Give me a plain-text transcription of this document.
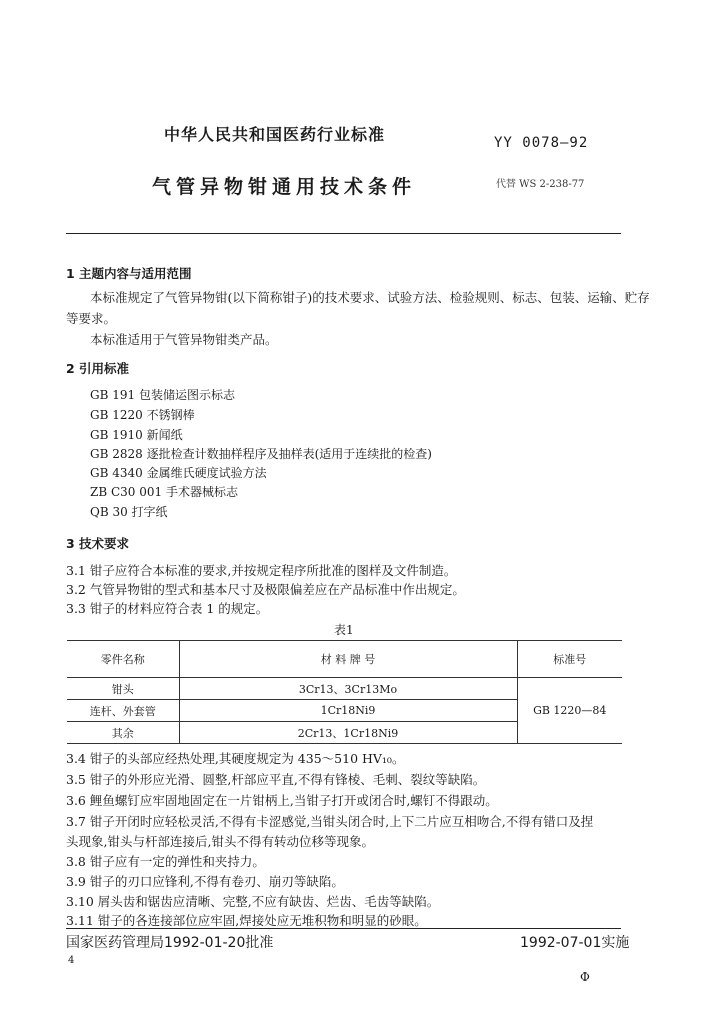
中华人民共和国医药行业标准	YY 0078—92
气管异物钳通用技术条件	代替 WS 2-238-77
1 主题内容与适用范围
本标准规定了气管异物钳(以下简称钳子)的技术要求、试验方法、检验规则、标志、包装、运输、贮存
等要求。
本标准适用于气管异物钳类产品。
2 引用标准
GB 191 包装储运图示标志
GB 1220 不锈钢棒
GB 1910 新闻纸
GB 2828 逐批检查计数抽样程序及抽样表(适用于连续批的检查)
GB 4340 金属维氏硬度试验方法
ZB C30 001 手术器械标志
QB 30 打字纸
3 技术要求
3.1 钳子应符合本标准的要求,并按规定程序所批准的图样及文件制造。
3.2 气管异物钳的型式和基本尺寸及极限偏差应在产品标准中作出规定。
3.3 钳子的材料应符合表 1 的规定。
表1
零件名称	材 料 牌 号	标准号
钳头	3Cr13、3Cr13Mo	GB 1220—84
连杆、外套管	1Cr18Ni9	
其余	2Cr13、1Cr18Ni9	
3.4 钳子的头部应经热处理,其硬度规定为 435～510 HV₁₀。
3.5 钳子的外形应光滑、圆整,杆部应平直,不得有锋棱、毛刺、裂纹等缺陷。
3.6 鲤鱼螺钉应牢固地固定在一片钳柄上,当钳子打开或闭合时,螺钉不得跟动。
3.7 钳子开闭时应轻松灵活,不得有卡涩感觉,当钳头闭合时,上下二片应互相吻合,不得有错口及捏
头现象,钳头与杆部连接后,钳头不得有转动位移等现象。
3.8 钳子应有一定的弹性和夹持力。
3.9 钳子的刃口应锋利,不得有卷刃、崩刃等缺陷。
3.10 屑头齿和锯齿应清晰、完整,不应有缺齿、烂齿、毛齿等缺陷。
3.11 钳子的各连接部位应牢固,焊接处应无堆积物和明显的砂眼。
国家医药管理局1992-01-20批准	1992-07-01实施
4
Φ
